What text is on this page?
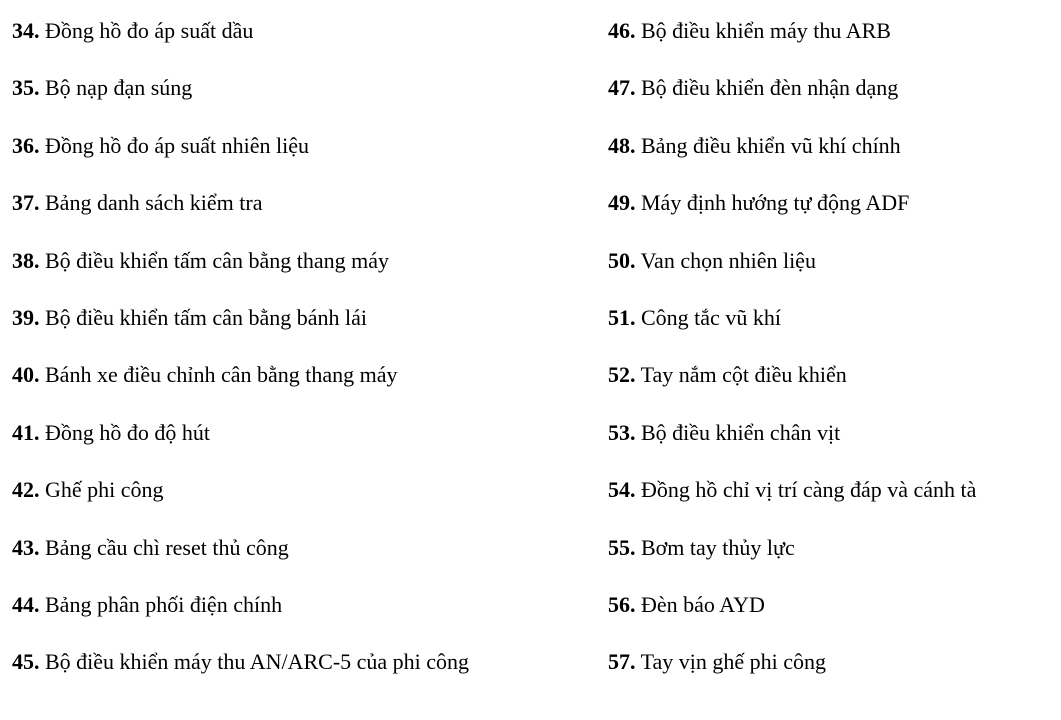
34. Đồng hồ đo áp suất dầu
35. Bộ nạp đạn súng
36. Đồng hồ đo áp suất nhiên liệu
37. Bảng danh sách kiểm tra
38. Bộ điều khiển tấm cân bằng thang máy
39. Bộ điều khiển tấm cân bằng bánh lái
40. Bánh xe điều chỉnh cân bằng thang máy
41. Đồng hồ đo độ hút
42. Ghế phi công
43. Bảng cầu chì reset thủ công
44. Bảng phân phối điện chính
45. Bộ điều khiển máy thu AN/ARC-5 của phi công
46. Bộ điều khiển máy thu ARB
47. Bộ điều khiển đèn nhận dạng
48. Bảng điều khiển vũ khí chính
49. Máy định hướng tự động ADF
50. Van chọn nhiên liệu
51. Công tắc vũ khí
52. Tay nắm cột điều khiển
53. Bộ điều khiển chân vịt
54. Đồng hồ chỉ vị trí càng đáp và cánh tà
55. Bơm tay thủy lực
56. Đèn báo AYD
57. Tay vịn ghế phi công
